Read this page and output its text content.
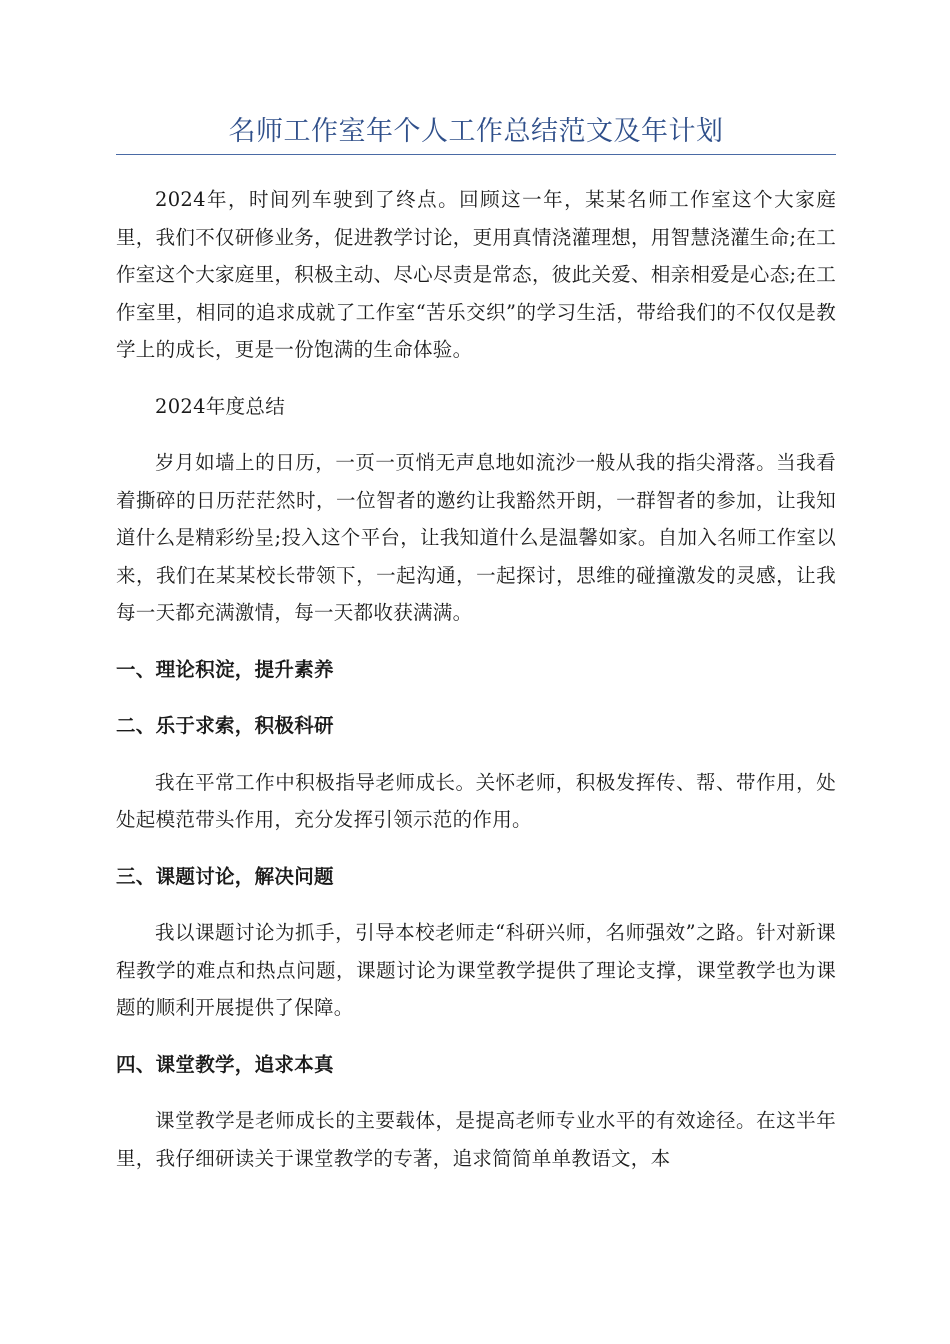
名师工作室年个人工作总结范文及年计划

2024年，时间列车驶到了终点。回顾这一年，某某名师工作室这个大家庭里，我们不仅研修业务，促进教学讨论，更用真情浇灌理想，用智慧浇灌生命;在工作室这个大家庭里，积极主动、尽心尽责是常态，彼此关爱、相亲相爱是心态;在工作室里，相同的追求成就了工作室“苦乐交织”的学习生活，带给我们的不仅仅是教学上的成长，更是一份饱满的生命体验。

2024年度总结

岁月如墙上的日历，一页一页悄无声息地如流沙一般从我的指尖滑落。当我看着撕碎的日历茫茫然时，一位智者的邀约让我豁然开朗，一群智者的参加，让我知道什么是精彩纷呈;投入这个平台，让我知道什么是温馨如家。自加入名师工作室以来，我们在某某校长带领下，一起沟通，一起探讨，思维的碰撞激发的灵感，让我每一天都充满激情，每一天都收获满满。

一、理论积淀，提升素养
二、乐于求索，积极科研

我在平常工作中积极指导老师成长。关怀老师，积极发挥传、帮、带作用，处处起模范带头作用，充分发挥引领示范的作用。

三、课题讨论，解决问题

我以课题讨论为抓手，引导本校老师走“科研兴师，名师强效”之路。针对新课程教学的难点和热点问题，课题讨论为课堂教学提供了理论支撑，课堂教学也为课题的顺利开展提供了保障。

四、课堂教学，追求本真

课堂教学是老师成长的主要载体，是提高老师专业水平的有效途径。在这半年里，我仔细研读关于课堂教学的专著，追求简简单单教语文，本
